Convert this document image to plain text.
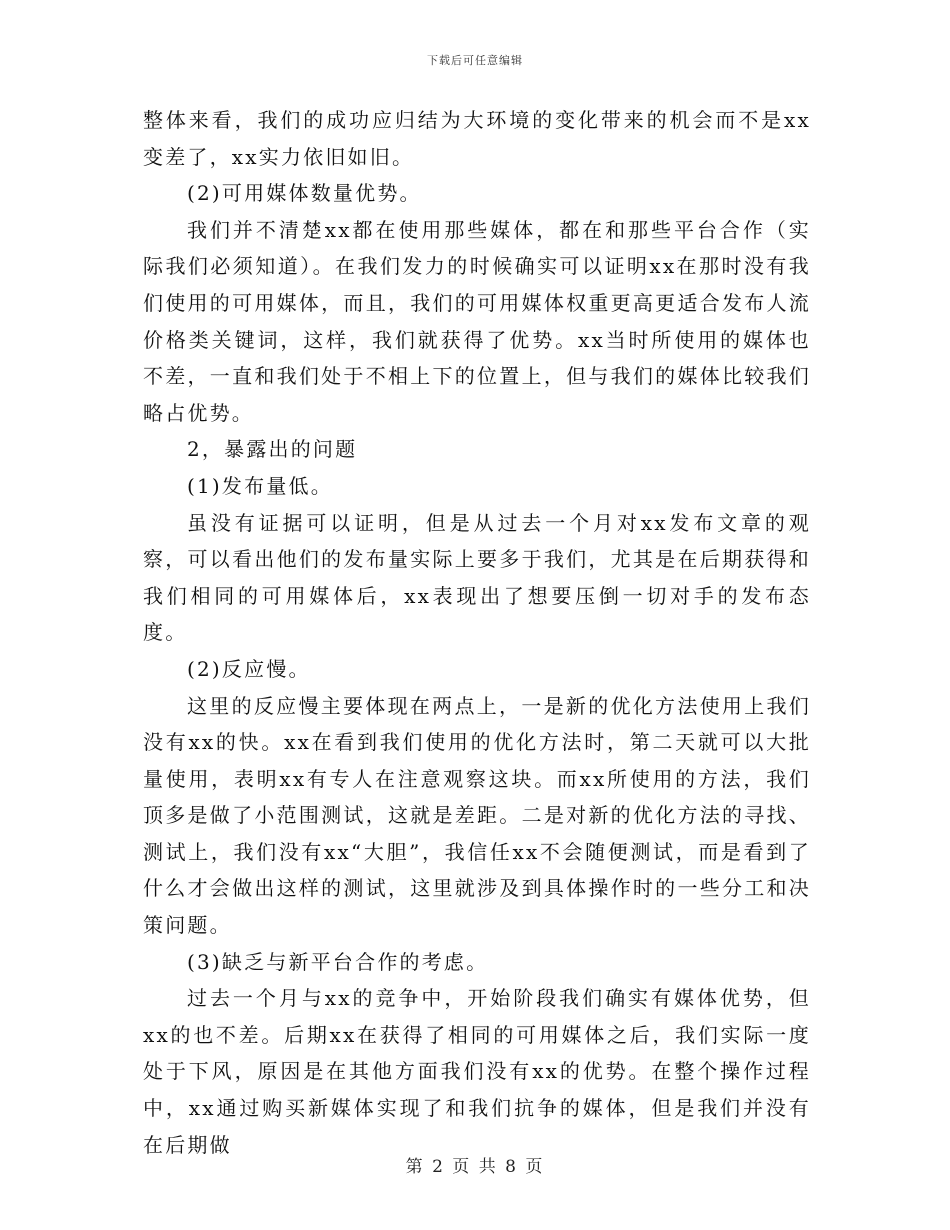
下载后可任意编辑

整体来看，我们的成功应归结为大环境的变化带来的机会而不是xx变差了，xx实力依旧如旧。

(2)可用媒体数量优势。

我们并不清楚xx都在使用那些媒体，都在和那些平台合作（实际我们必须知道）。在我们发力的时候确实可以证明xx在那时没有我们使用的可用媒体，而且，我们的可用媒体权重更高更适合发布人流价格类关键词，这样，我们就获得了优势。xx当时所使用的媒体也不差，一直和我们处于不相上下的位置上，但与我们的媒体比较我们略占优势。

2，暴露出的问题

(1)发布量低。

虽没有证据可以证明，但是从过去一个月对xx发布文章的观察，可以看出他们的发布量实际上要多于我们，尤其是在后期获得和我们相同的可用媒体后，xx表现出了想要压倒一切对手的发布态度。

(2)反应慢。

这里的反应慢主要体现在两点上，一是新的优化方法使用上我们没有xx的快。xx在看到我们使用的优化方法时，第二天就可以大批量使用，表明xx有专人在注意观察这块。而xx所使用的方法，我们顶多是做了小范围测试，这就是差距。二是对新的优化方法的寻找、测试上，我们没有xx“大胆”，我信任xx不会随便测试，而是看到了什么才会做出这样的测试，这里就涉及到具体操作时的一些分工和决策问题。

(3)缺乏与新平台合作的考虑。

过去一个月与xx的竞争中，开始阶段我们确实有媒体优势，但xx的也不差。后期xx在获得了相同的可用媒体之后，我们实际一度处于下风，原因是在其他方面我们没有xx的优势。在整个操作过程中，xx通过购买新媒体实现了和我们抗争的媒体，但是我们并没有在后期做

第 2 页 共 8 页
